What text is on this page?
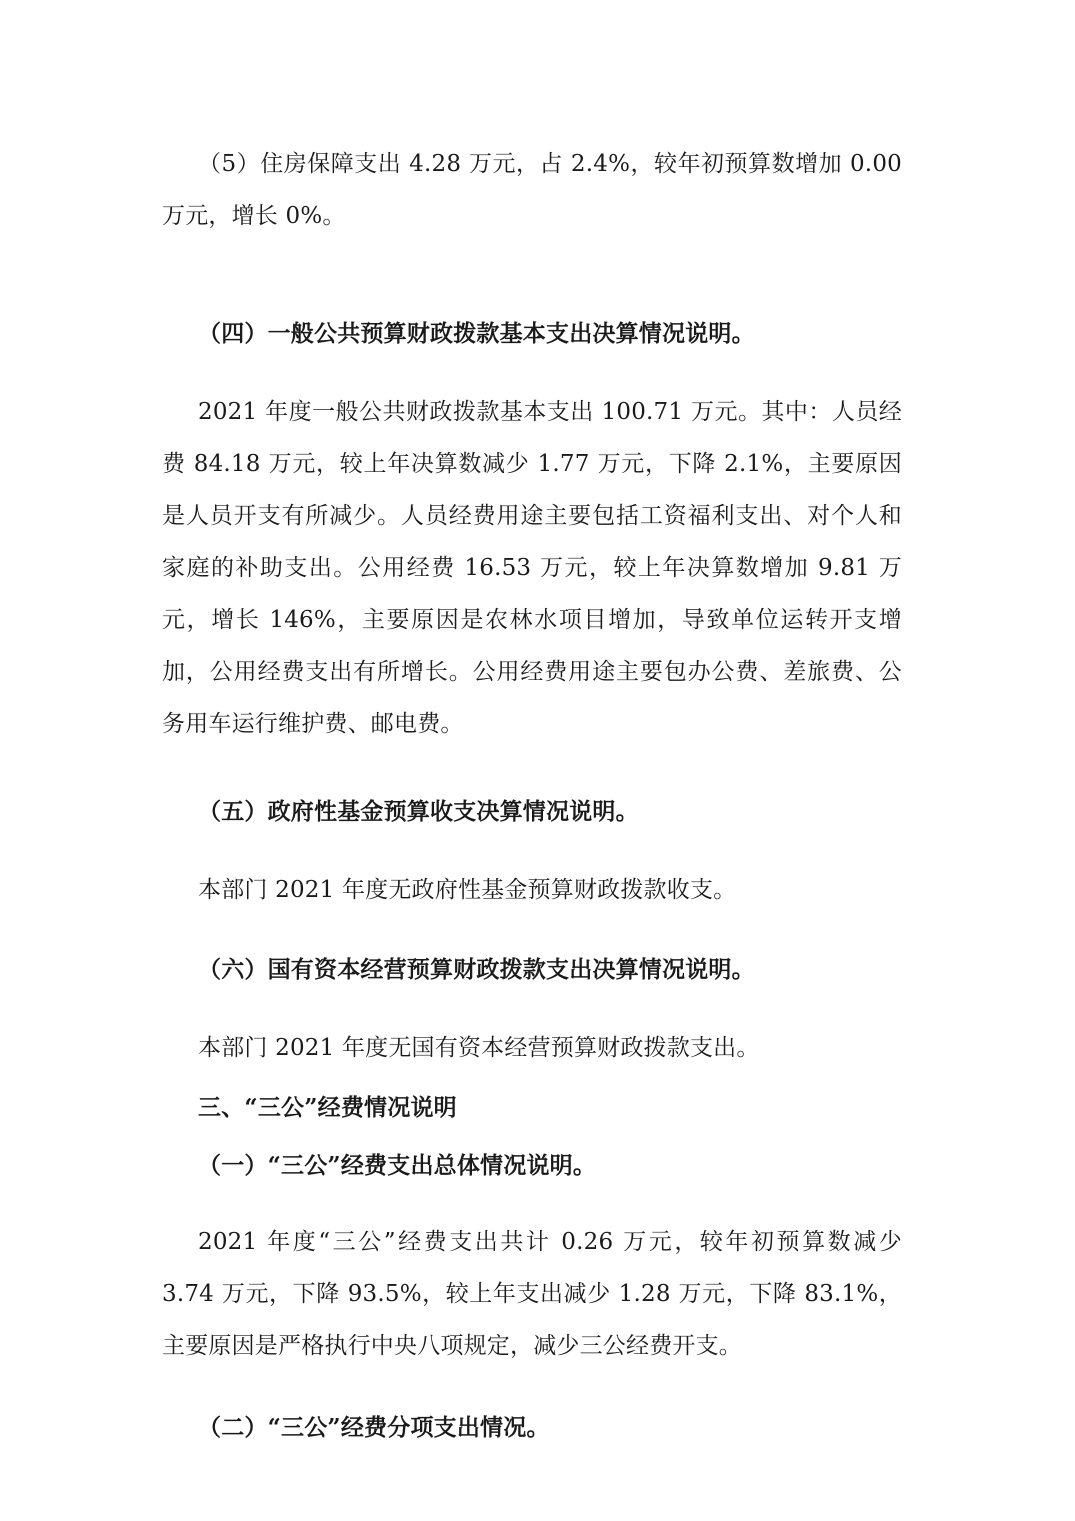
（5）住房保障支出 4.28 万元，占 2.4%，较年初预算数增加 0.00 万元，增长 0%。

（四）一般公共预算财政拨款基本支出决算情况说明。

2021 年度一般公共财政拨款基本支出 100.71 万元。其中：人员经费 84.18 万元，较上年决算数减少 1.77 万元，下降 2.1%，主要原因是人员开支有所减少。人员经费用途主要包括工资福利支出、对个人和家庭的补助支出。公用经费 16.53 万元，较上年决算数增加 9.81 万元，增长 146%，主要原因是农林水项目增加，导致单位运转开支增加，公用经费支出有所增长。公用经费用途主要包办公费、差旅费、公务用车运行维护费、邮电费。

（五）政府性基金预算收支决算情况说明。

本部门 2021 年度无政府性基金预算财政拨款收支。

（六）国有资本经营预算财政拨款支出决算情况说明。

本部门 2021 年度无国有资本经营预算财政拨款支出。

三、“三公”经费情况说明
（一）“三公”经费支出总体情况说明。

2021 年度“三公”经费支出共计 0.26 万元，较年初预算数减少 3.74 万元，下降 93.5%，较上年支出减少 1.28 万元，下降 83.1%，主要原因是严格执行中央八项规定，减少三公经费开支。

（二）“三公”经费分项支出情况。
